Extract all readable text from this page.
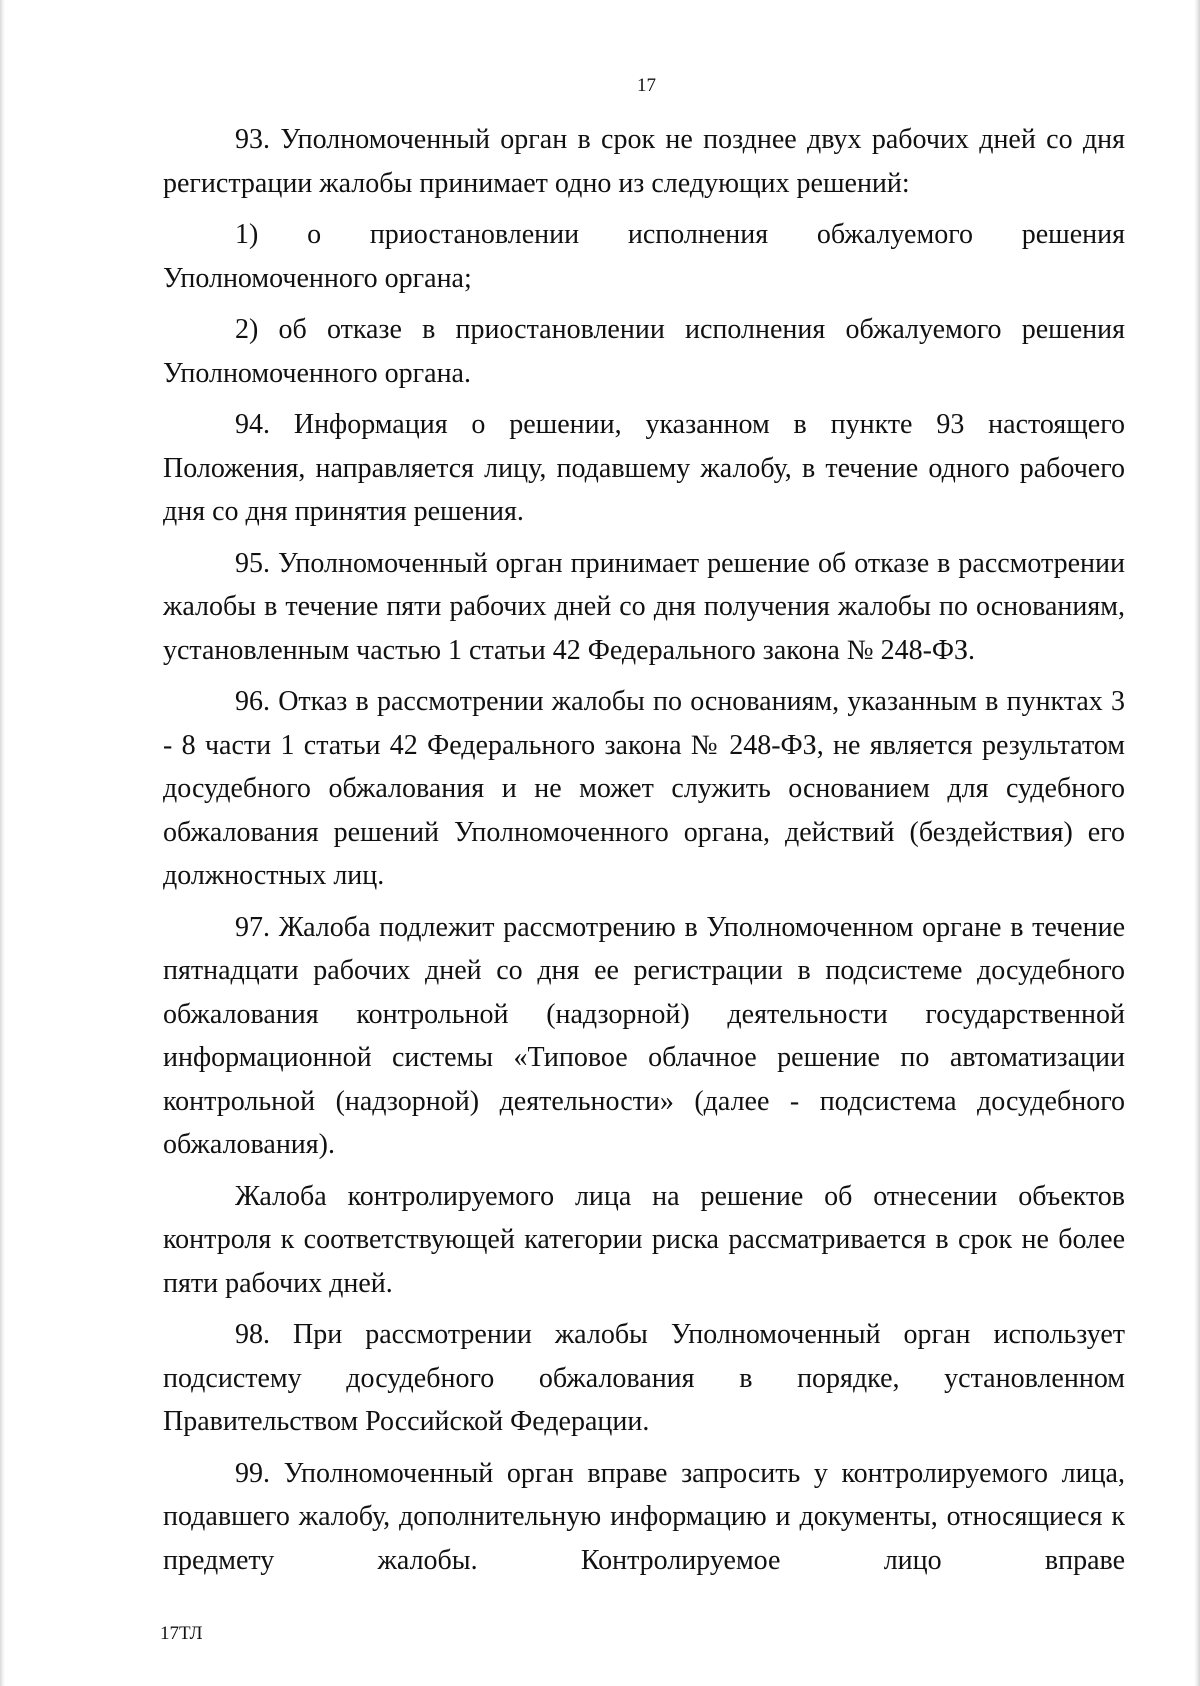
17

93. Уполномоченный орган в срок не позднее двух рабочих дней со дня регистрации жалобы принимает одно из следующих решений:

1) о приостановлении исполнения обжалуемого решения Уполномоченного органа;

2) об отказе в приостановлении исполнения обжалуемого решения Уполномоченного органа.

94. Информация о решении, указанном в пункте 93 настоящего Положения, направляется лицу, подавшему жалобу, в течение одного рабочего дня со дня принятия решения.

95. Уполномоченный орган принимает решение об отказе в рассмотрении жалобы в течение пяти рабочих дней со дня получения жалобы по основаниям, установленным частью 1 статьи 42 Федерального закона № 248-ФЗ.

96. Отказ в рассмотрении жалобы по основаниям, указанным в пунктах 3 - 8 части 1 статьи 42 Федерального закона № 248-ФЗ, не является результатом досудебного обжалования и не может служить основанием для судебного обжалования решений Уполномоченного органа, действий (бездействия) его должностных лиц.

97. Жалоба подлежит рассмотрению в Уполномоченном органе в течение пятнадцати рабочих дней со дня ее регистрации в подсистеме досудебного обжалования контрольной (надзорной) деятельности государственной информационной системы «Типовое облачное решение по автоматизации контрольной (надзорной) деятельности» (далее - подсистема досудебного обжалования).

Жалоба контролируемого лица на решение об отнесении объектов контроля к соответствующей категории риска рассматривается в срок не более пяти рабочих дней.

98. При рассмотрении жалобы Уполномоченный орган использует подсистему досудебного обжалования в порядке, установленном Правительством Российской Федерации.

99. Уполномоченный орган вправе запросить у контролируемого лица, подавшего жалобу, дополнительную информацию и документы, относящиеся к предмету жалобы. Контролируемое лицо вправе

17ТЛ
